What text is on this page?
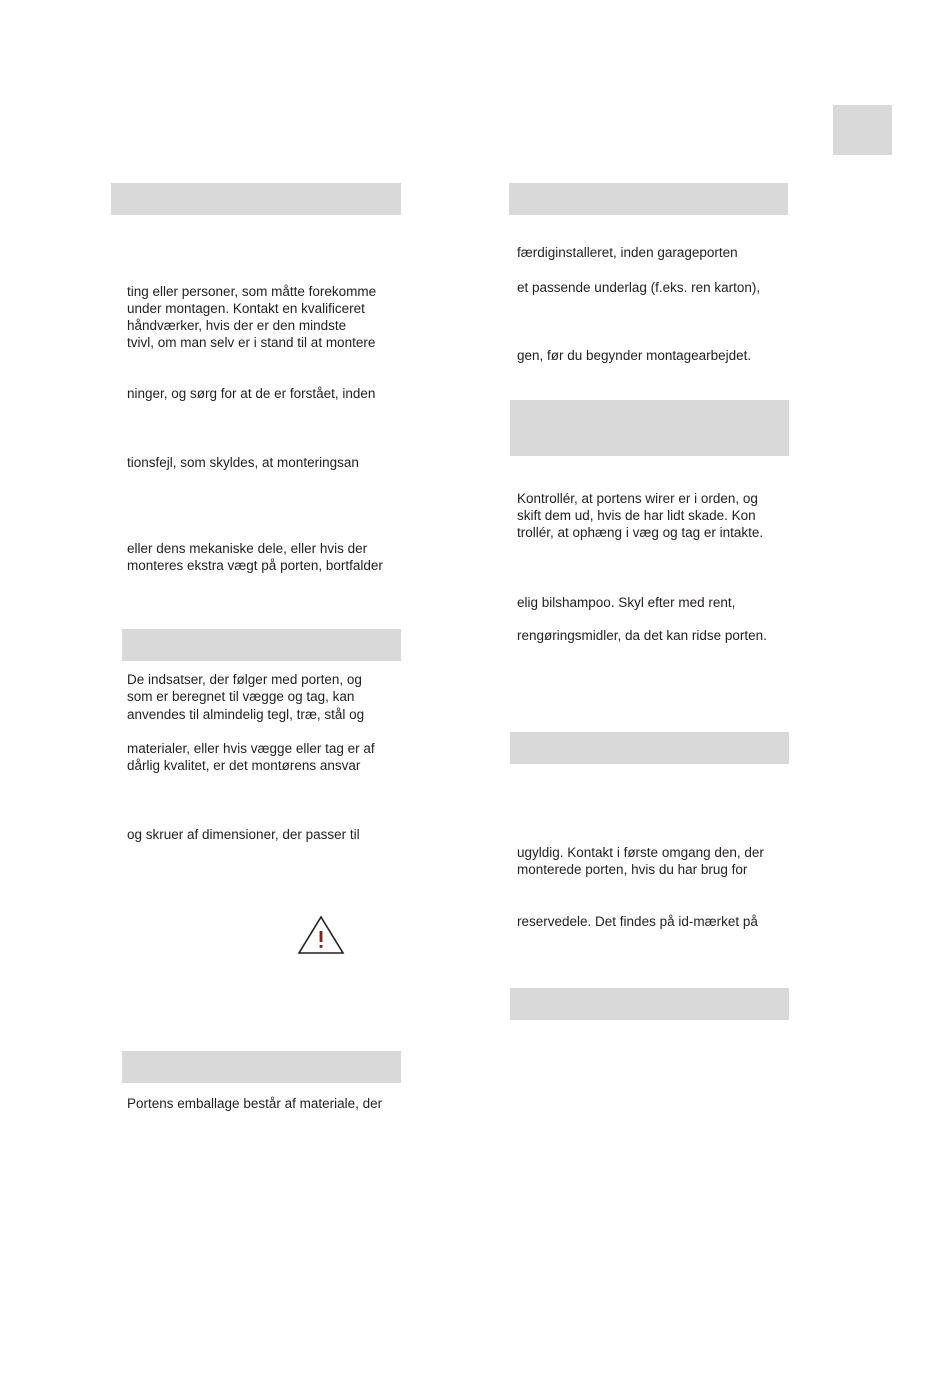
ting eller personer, som måtte forekomme
under montagen. Kontakt en kvalificeret
håndværker, hvis der er den mindste
tvivl, om man selv er i stand til at montere
ninger, og sørg for at de er forstået, inden
tionsfejl, som skyldes, at monteringsan
eller dens mekaniske dele, eller hvis der
monteres ekstra vægt på porten, bortfalder
De indsatser, der følger med porten, og
som er beregnet til vægge og tag, kan
anvendes til almindelig tegl, træ, stål og
materialer, eller hvis vægge eller tag er af
dårlig kvalitet, er det montørens ansvar
og skruer af dimensioner, der passer til
Portens emballage består af materiale, der
færdiginstalleret, inden garageporten
et passende underlag (f.eks. ren karton),
gen, før du begynder montagearbejdet.
Kontrollér, at portens wirer er i orden, og
skift dem ud, hvis de har lidt skade. Kon
trollér, at ophæng i væg og tag er intakte.
elig bilshampoo. Skyl efter med rent,
rengøringsmidler, da det kan ridse porten.
ugyldig. Kontakt i første omgang den, der
monterede porten, hvis du har brug for
reservedele. Det findes på id-mærket på
